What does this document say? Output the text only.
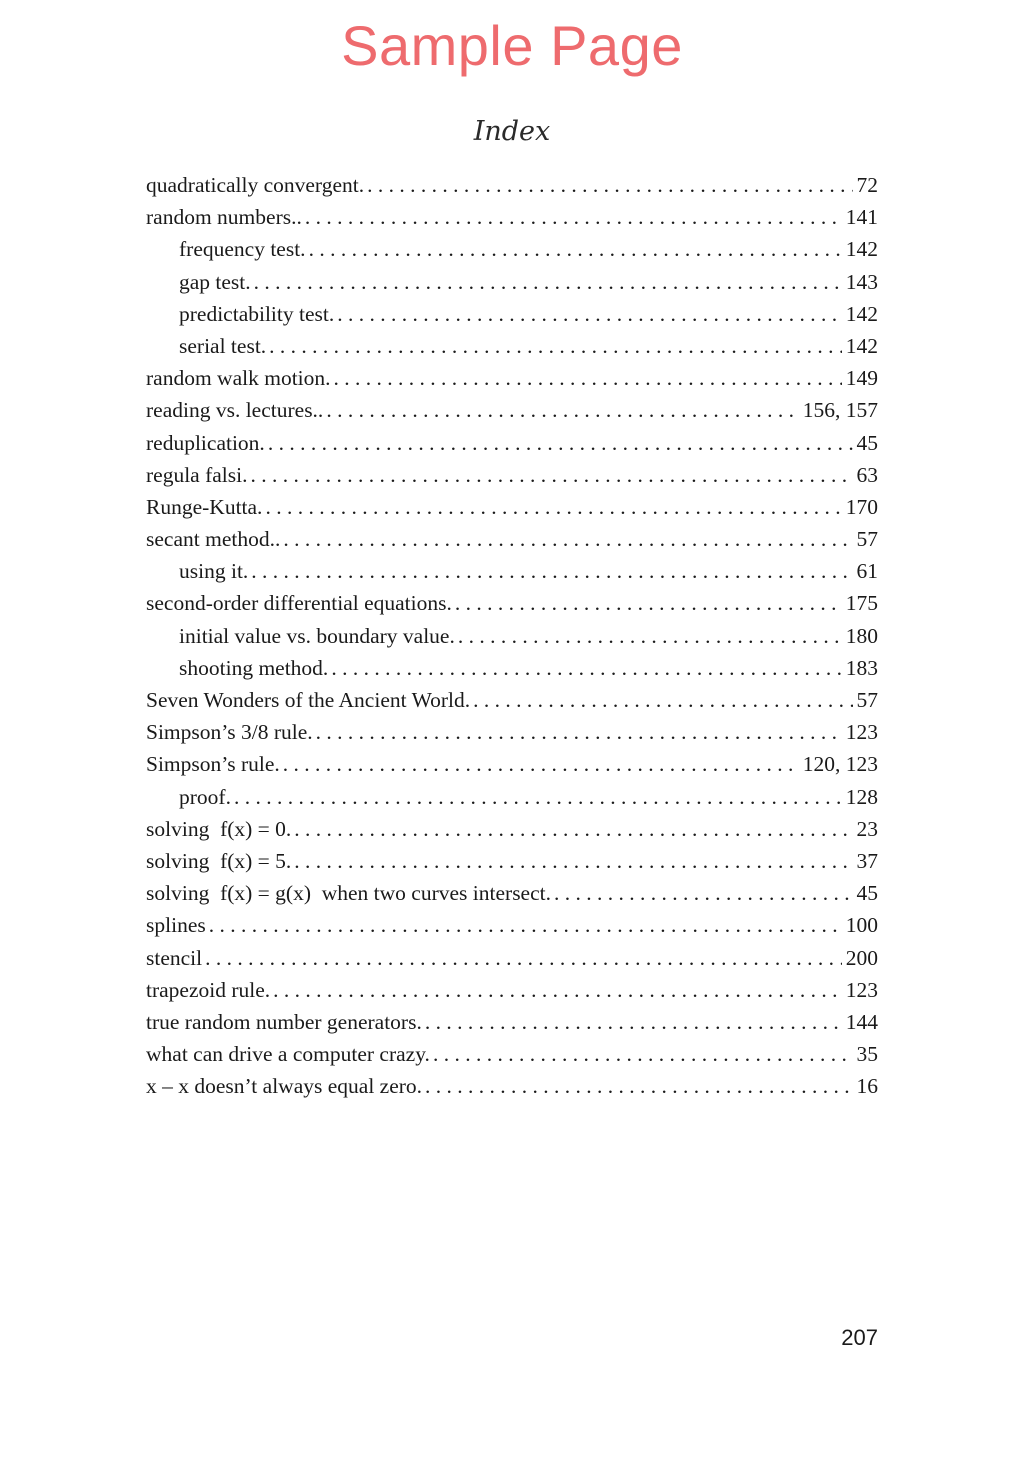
Sample Page
Index
quadratically convergent. . . .	72
random numbers.. . . .	141
frequency test. . . .	142
gap test. . . .	143
predictability test. . . .	142
serial test. . . .	142
random walk motion. . . .	149
reading vs. lectures.. . . .	156, 157
reduplication. . . .	45
regula falsi. . . .	63
Runge-Kutta. . . .	170
secant method.. . . .	57
using it. . . .	61
second-order differential equations. . . .	175
initial value vs. boundary value. . . .	180
shooting method. . . .	183
Seven Wonders of the Ancient World. . . .	57
Simpson’s 3/8 rule. . . .	123
Simpson’s rule. . . .	120, 123
proof. . . .	128
solving  f(x) = 0. . . .	23
solving  f(x) = 5. . . .	37
solving  f(x) = g(x)  when two curves intersect. . . .	45
splines . . .	100
stencil . . .	200
trapezoid rule. . . .	123
true random number generators. . . .	144
what can drive a computer crazy. . . .	35
x – x doesn’t always equal zero. . . .	16
207
